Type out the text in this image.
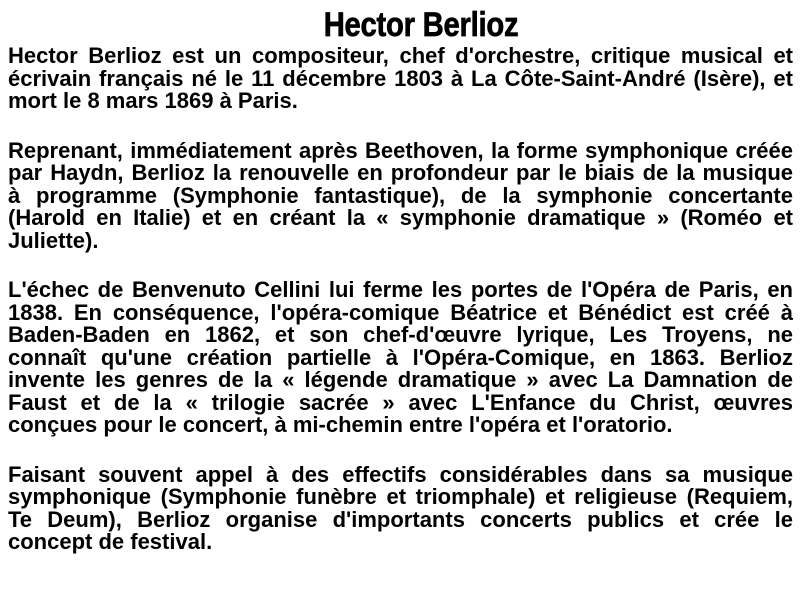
Hector Berlioz
Hector Berlioz est un compositeur, chef d'orchestre, critique musical et
écrivain français né le 11 décembre 1803 à La Côte-Saint-André (Isère), et
mort le 8 mars 1869 à Paris.
Reprenant, immédiatement après Beethoven, la forme symphonique créée
par Haydn, Berlioz la renouvelle en profondeur par le biais de la musique
à programme (Symphonie fantastique), de la symphonie concertante
(Harold en Italie) et en créant la « symphonie dramatique » (Roméo et
Juliette).
L'échec de Benvenuto Cellini lui ferme les portes de l'Opéra de Paris, en
1838. En conséquence, l'opéra-comique Béatrice et Bénédict est créé à
Baden-Baden en 1862, et son chef-d'œuvre lyrique, Les Troyens, ne
connaît qu'une création partielle à l'Opéra-Comique, en 1863. Berlioz
invente les genres de la « légende dramatique » avec La Damnation de
Faust et de la « trilogie sacrée » avec L'Enfance du Christ, œuvres
conçues pour le concert, à mi-chemin entre l'opéra et l'oratorio.
Faisant souvent appel à des effectifs considérables dans sa musique
symphonique (Symphonie funèbre et triomphale) et religieuse (Requiem,
Te Deum), Berlioz organise d'importants concerts publics et crée le
concept de festival.
